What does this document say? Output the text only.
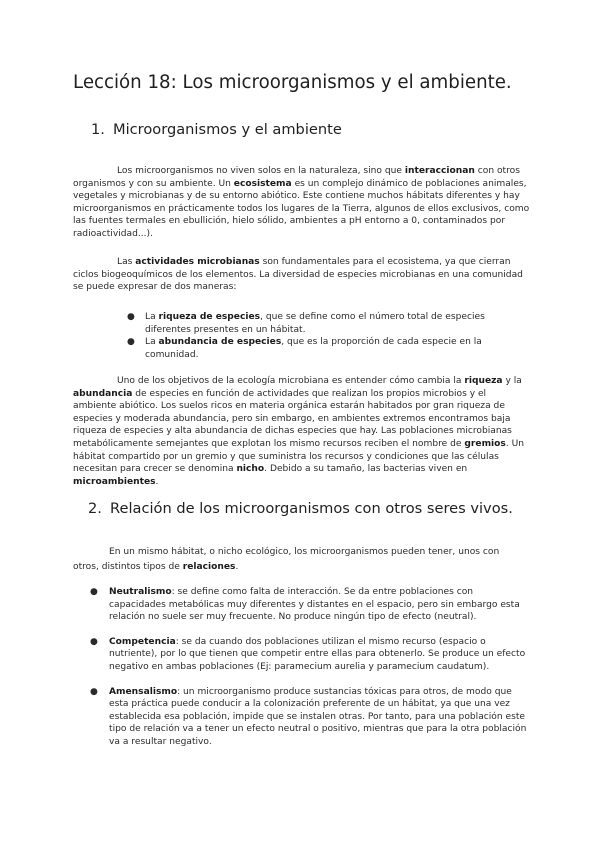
Lección 18: Los microorganismos y el ambiente.
1. Microorganismos y el ambiente

Los microorganismos no viven solos en la naturaleza, sino que interaccionan con otros organismos y con su ambiente. Un ecosistema es un complejo dinámico de poblaciones animales, vegetales y microbianas y de su entorno abiótico. Este contiene muchos hábitats diferentes y hay microorganismos en prácticamente todos los lugares de la Tierra, algunos de ellos exclusivos, como las fuentes termales en ebullición, hielo sólido, ambientes a pH entorno a 0, contaminados por radioactividad...).

Las actividades microbianas son fundamentales para el ecosistema, ya que cierran ciclos biogeoquímicos de los elementos. La diversidad de especies microbianas en una comunidad se puede expresar de dos maneras:

● La riqueza de especies, que se define como el número total de especies diferentes presentes en un hábitat.
● La abundancia de especies, que es la proporción de cada especie en la comunidad.

Uno de los objetivos de la ecología microbiana es entender cómo cambia la riqueza y la abundancia de especies en función de actividades que realizan los propios microbios y el ambiente abiótico. Los suelos ricos en materia orgánica estarán habitados por gran riqueza de especies y moderada abundancia, pero sin embargo, en ambientes extremos encontramos baja riqueza de especies y alta abundancia de dichas especies que hay. Las poblaciones microbianas metabólicamente semejantes que explotan los mismo recursos reciben el nombre de gremios. Un hábitat compartido por un gremio y que suministra los recursos y condiciones que las células necesitan para crecer se denomina nicho. Debido a su tamaño, las bacterias viven en microambientes.

2. Relación de los microorganismos con otros seres vivos.

En un mismo hábitat, o nicho ecológico, los microorganismos pueden tener, unos con otros, distintos tipos de relaciones.

● Neutralismo: se define como falta de interacción. Se da entre poblaciones con capacidades metabólicas muy diferentes y distantes en el espacio, pero sin embargo esta relación no suele ser muy frecuente. No produce ningún tipo de efecto (neutral).
● Competencia: se da cuando dos poblaciones utilizan el mismo recurso (espacio o nutriente), por lo que tienen que competir entre ellas para obtenerlo. Se produce un efecto negativo en ambas poblaciones (Ej: paramecium aurelia y paramecium caudatum).
● Amensalismo: un microorganismo produce sustancias tóxicas para otros, de modo que esta práctica puede conducir a la colonización preferente de un hábitat, ya que una vez establecida esa población, impide que se instalen otras. Por tanto, para una población este tipo de relación va a tener un efecto neutral o positivo, mientras que para la otra población va a resultar negativo.
